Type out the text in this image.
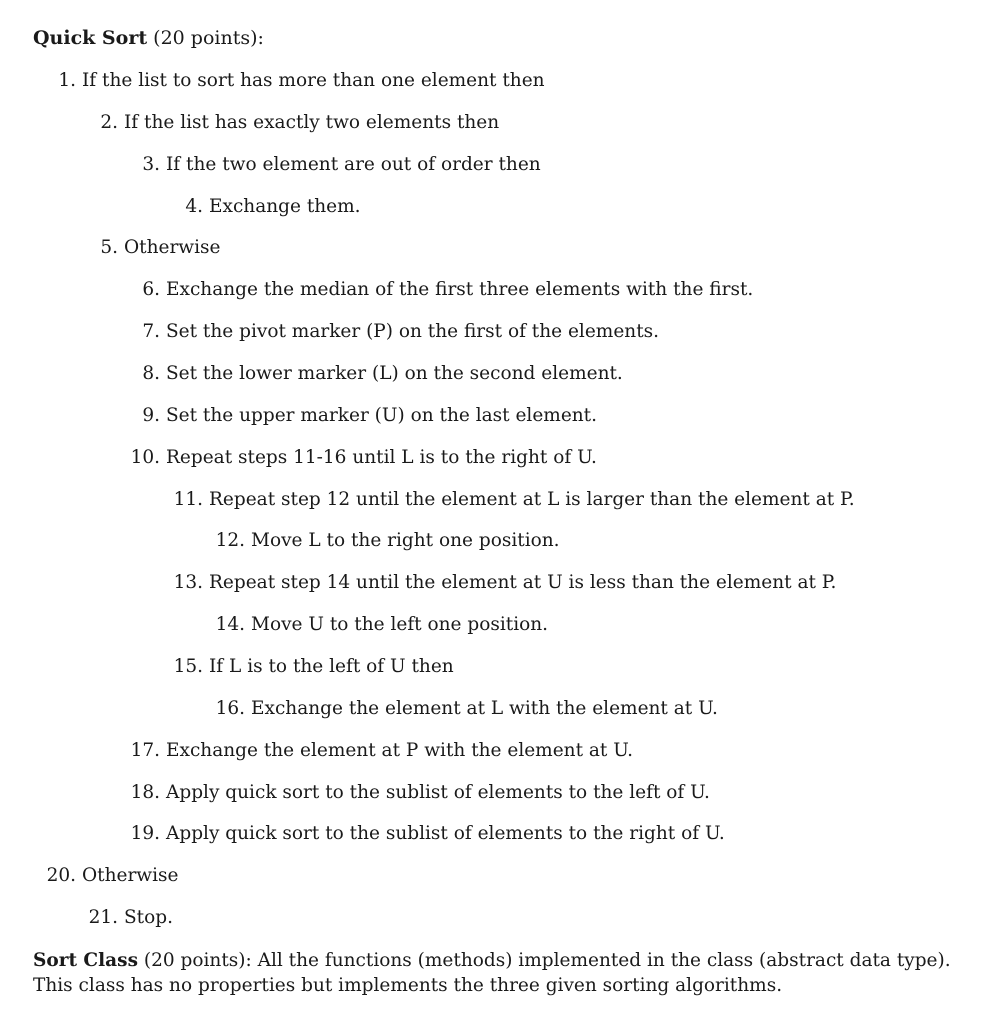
Quick Sort (20 points):
1. If the list to sort has more than one element then
2. If the list has exactly two elements then
3. If the two element are out of order then
4. Exchange them.
5. Otherwise
6. Exchange the median of the first three elements with the first.
7. Set the pivot marker (P) on the first of the elements.
8. Set the lower marker (L) on the second element.
9. Set the upper marker (U) on the last element.
10. Repeat steps 11-16 until L is to the right of U.
11. Repeat step 12 until the element at L is larger than the element at P.
12. Move L to the right one position.
13. Repeat step 14 until the element at U is less than the element at P.
14. Move U to the left one position.
15. If L is to the left of U then
16. Exchange the element at L with the element at U.
17. Exchange the element at P with the element at U.
18. Apply quick sort to the sublist of elements to the left of U.
19. Apply quick sort to the sublist of elements to the right of U.
20. Otherwise
21. Stop.
Sort Class (20 points): All the functions (methods) implemented in the class (abstract data type). This class has no properties but implements the three given sorting algorithms.
